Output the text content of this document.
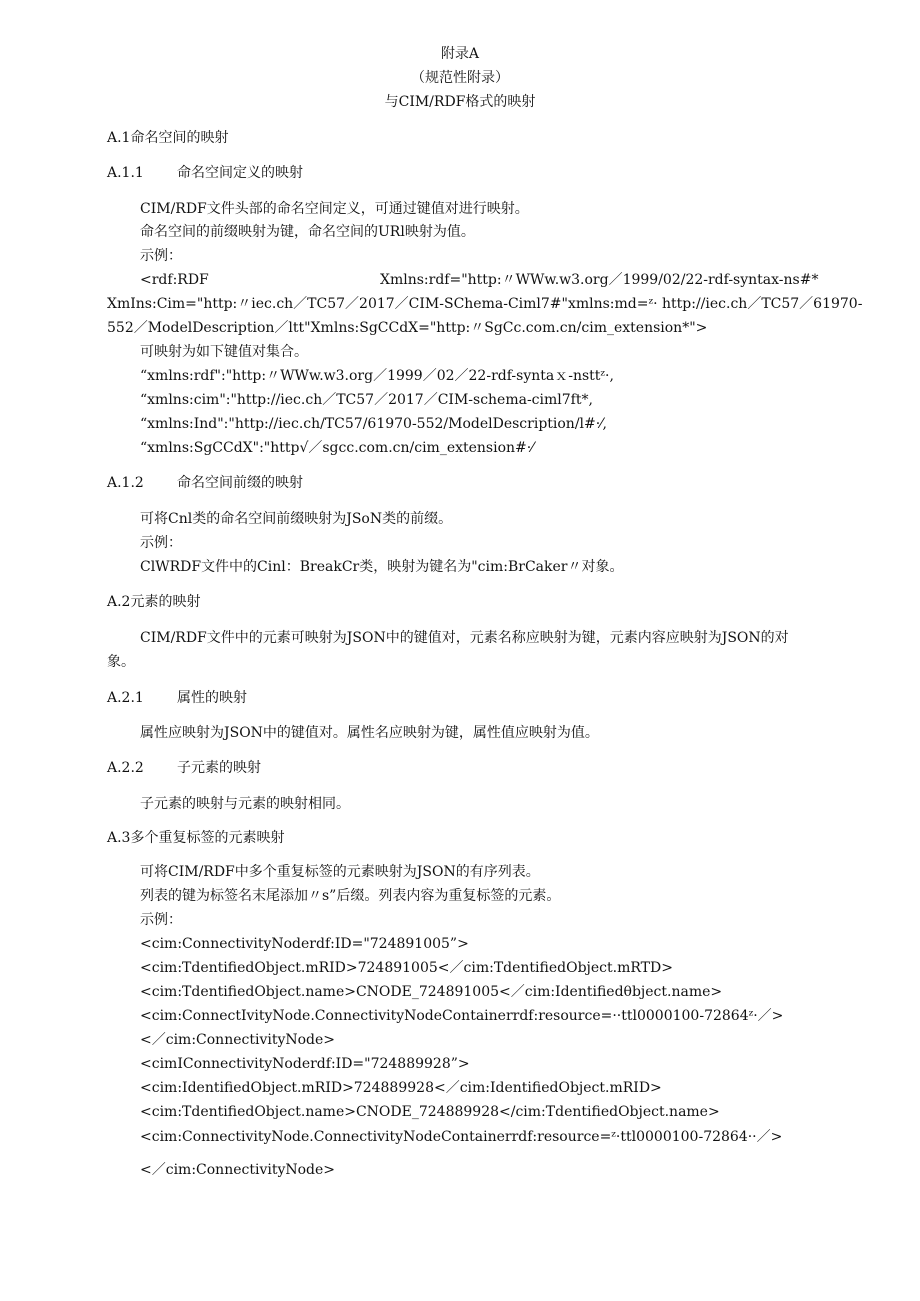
附录A
（规范性附录）
与CIM/RDF格式的映射
A.1命名空间的映射
A.1.1 命名空间定义的映射
CIM/RDF文件头部的命名空间定义，可通过键值对进行映射。
命名空间的前缀映射为键，命名空间的URl映射为值。
示例：
<rdf:RDF	Xmlns:rdf="http:〃WWw.w3.org／1999/02/22-rdf-syntax-ns#*
XmIns:Cim="http:〃iec.ch／TC57／2017／CIM-SChema-Ciml7#"xmlns:md=ᶻ· http://iec.ch／TC57／61970-
552／ModelDescription／ltt"Xmlns:SgCCdX="http:〃SgCc.com.cn/cim_extension*">
可映射为如下键值对集合。
“xmlns:rdf":"http:〃WWw.w3.org／1999／02／22-rdf-syntaｘ-nsttᶻ·,
“xmlns:cim":"http://iec.ch／TC57／2017／CIM-schema-ciml7ft*,
“xmlns:Ind":"http://iec.ch/TC57/61970-552/ModelDescription/l#·⁄,
“xmlns:SgCCdX":"http√／sgcc.com.cn/cim_extension#·⁄
A.1.2 命名空间前缀的映射
可将Cnl类的命名空间前缀映射为JSoN类的前缀。
示例：
ClWRDF文件中的Cinl：BreakCr类，映射为键名为"cim:BrCaker〃对象。
A.2元素的映射
CIM/RDF文件中的元素可映射为JSON中的键值对，元素名称应映射为键，元素内容应映射为JSON的对
象。
A.2.1 属性的映射
属性应映射为JSON中的键值对。属性名应映射为键，属性值应映射为值。
A.2.2 子元素的映射
子元素的映射与元素的映射相同。
A.3多个重复标签的元素映射
可将CIM/RDF中多个重复标签的元素映射为JSON的有序列表。
列表的键为标签名末尾添加〃s”后缀。列表内容为重复标签的元素。
示例：
<cim:ConnectivityNoderdf:ID="724891005”>
<cim:TdentifiedObject.mRID>724891005<／cim:TdentifiedObject.mRTD>
<cim:TdentifiedObject.name>CNODE_724891005<／cim:Identifiedθbject.name>
<cim:ConnectIvityNode.ConnectivityNodeContainerrdf:resource=··ttl0000100-72864ᶻ·／>
<／cim:ConnectivityNode>
<cimIConnectivityNoderdf:ID="724889928”>
<cim:IdentifiedObject.mRID>724889928<／cim:IdentifiedObject.mRID>
<cim:TdentifiedObject.name>CNODE_724889928</cim:TdentifiedObject.name>
<cim:ConnectivityNode.ConnectivityNodeContainerrdf:resource=ᶻ·ttl0000100-72864··／>
<／cim:ConnectivityNode>
